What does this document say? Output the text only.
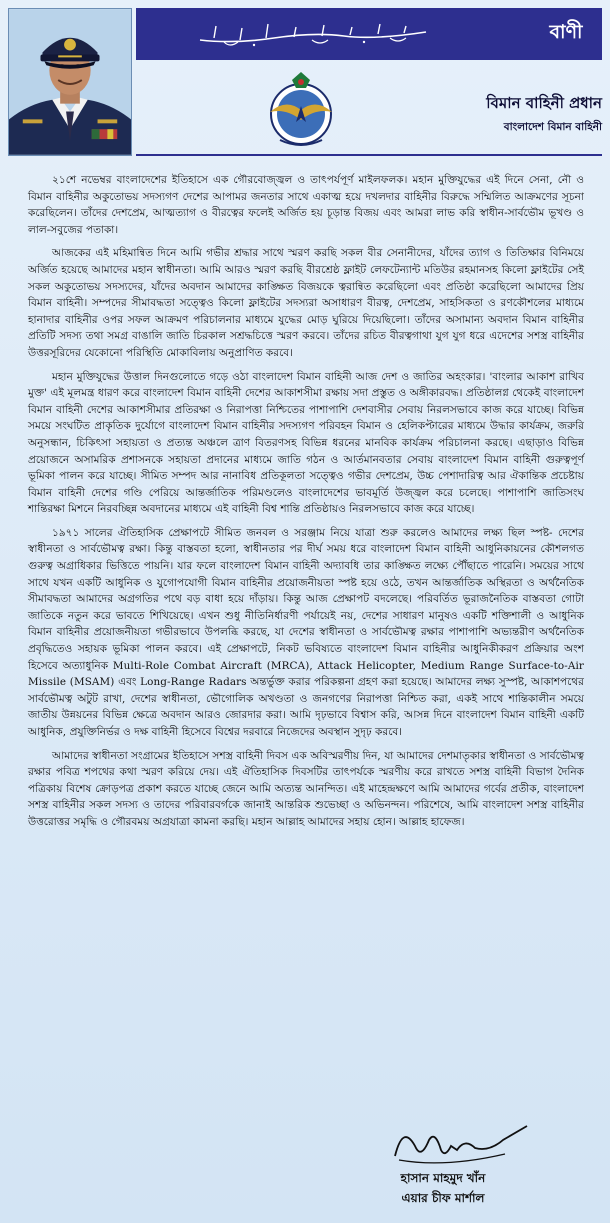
বাণী
বিমান বাহিনী প্রধান
বাংলাদেশ বিমান বাহিনী

২১শে নভেম্বর বাংলাদেশের ইতিহাসে এক গৌরবোজ্জ্বল ও তাৎপর্যপূর্ণ মাইলফলক। মহান মুক্তিযুদ্ধের এই দিনে সেনা, নৌ ও বিমান বাহিনীর অকুতোভয় সদস্যগণ দেশের আপামর জনতার সাথে একাত্ম হয়ে দখলদার বাহিনীর বিরুদ্ধে সম্মিলিত আক্রমণের সূচনা করেছিলেন। তাঁদের দেশপ্রেম, আত্মত্যাগ ও বীরত্বের ফলেই অর্জিত হয় চূড়ান্ত বিজয় এবং আমরা লাভ করি স্বাধীন-সার্বভৌম ভূখণ্ড ও লাল-সবুজের পতাকা।

আজকের এই মহিমান্বিত দিনে আমি গভীর শ্রদ্ধার সাথে স্মরণ করছি সকল বীর সেনানীদের, যাঁদের ত্যাগ ও তিতিক্ষার বিনিময়ে অর্জিত হয়েছে আমাদের মহান স্বাধীনতা। আমি আরও স্মরণ করছি বীরশ্রেষ্ঠ ফ্লাইট লেফটেন্যান্ট মতিউর রহমানসহ কিলো ফ্লাইটের সেই সকল অকুতোভয় সদস্যদের, যাঁদের অবদান আমাদের কাঙ্ক্ষিত বিজয়কে ত্বরান্বিত করেছিলো এবং প্রতিষ্ঠা করেছিলো আমাদের প্রিয় বিমান বাহিনী। সম্পদের সীমাবদ্ধতা সত্ত্বেও কিলো ফ্লাইটের সদস্যরা অসাধারণ বীরত্ব, দেশপ্রেম, সাহসিকতা ও রণকৌশলের মাধ্যমে হানাদার বাহিনীর ওপর সফল আক্রমণ পরিচালনার মাধ্যমে যুদ্ধের মোড় ঘুরিয়ে দিয়েছিলো। তাঁদের অসামান্য অবদান বিমান বাহিনীর প্রতিটি সদস্য তথা সমগ্র বাঙালি জাতি চিরকাল সশ্রদ্ধচিত্তে স্মরণ করবে। তাঁদের রচিত বীরত্বগাথা যুগ যুগ ধরে এদেশের সশস্ত্র বাহিনীর উত্তরসূরিদের যেকোনো পরিস্থিতি মোকাবিলায় অনুপ্রাণিত করবে।

মহান মুক্তিযুদ্ধের উত্তাল দিনগুলোতে গড়ে ওঠা বাংলাদেশ বিমান বাহিনী আজ দেশ ও জাতির অহংকার। 'বাংলার আকাশ রাখিব মুক্ত' এই মূলমন্ত্র ধারণ করে বাংলাদেশ বিমান বাহিনী দেশের আকাশসীমা রক্ষায় সদা প্রস্তুত ও অঙ্গীকারবদ্ধ। প্রতিষ্ঠালগ্ন থেকেই বাংলাদেশ বিমান বাহিনী দেশের আকাশসীমার প্রতিরক্ষা ও নিরাপত্তা নিশ্চিতের পাশাপাশি দেশবাসীর সেবায় নিরলসভাবে কাজ করে যাচ্ছে। বিভিন্ন সময়ে সংঘটিত প্রাকৃতিক দুর্যোগে বাংলাদেশ বিমান বাহিনীর সদস্যগণ পরিবহন বিমান ও হেলিকপ্টারের মাধ্যমে উদ্ধার কার্যক্রম, জরুরি অনুসন্ধান, চিকিৎসা সহায়তা ও প্রত্যন্ত অঞ্চলে ত্রাণ বিতরণসহ বিভিন্ন ধরনের মানবিক কার্যক্রম পরিচালনা করছে। এছাড়াও বিভিন্ন প্রয়োজনে অসামরিক প্রশাসনকে সহায়তা প্রদানের মাধ্যমে জাতি গঠন ও আর্তমানবতার সেবায় বাংলাদেশ বিমান বাহিনী গুরুত্বপূর্ণ ভূমিকা পালন করে যাচ্ছে। সীমিত সম্পদ আর নানাবিধ প্রতিকূলতা সত্ত্বেও গভীর দেশপ্রেম, উচ্চ পেশাদারিত্ব আর ঐকান্তিক প্রচেষ্টায় বিমান বাহিনী দেশের গণ্ডি পেরিয়ে আন্তর্জাতিক পরিমণ্ডলেও বাংলাদেশের ভাবমূর্তি উজ্জ্বল করে চলেছে। পাশাপাশি জাতিসংঘ শান্তিরক্ষা মিশনে নিরবচ্ছিন্ন অবদানের মাধ্যমে এই বাহিনী বিশ্ব শান্তি প্রতিষ্ঠায়ও নিরলসভাবে কাজ করে যাচ্ছে।

১৯৭১ সালের ঐতিহাসিক প্রেক্ষাপটে সীমিত জনবল ও সরঞ্জাম নিয়ে যাত্রা শুরু করলেও আমাদের লক্ষ্য ছিল স্পষ্ট- দেশের স্বাধীনতা ও সার্বভৌমত্ব রক্ষা। কিন্তু বাস্তবতা হলো, স্বাধীনতার পর দীর্ঘ সময় ধরে বাংলাদেশ বিমান বাহিনী আধুনিকায়নের কৌশলগত গুরুত্ব অগ্রাধিকার ভিত্তিতে পায়নি। যার ফলে বাংলাদেশ বিমান বাহিনী অদ্যাবধি তার কাঙ্ক্ষিত লক্ষ্যে পৌঁছাতে পারেনি। সময়ের সাথে সাথে যখন একটি আধুনিক ও যুগোপযোগী বিমান বাহিনীর প্রয়োজনীয়তা স্পষ্ট হয়ে ওঠে, তখন আন্তর্জাতিক অস্থিরতা ও অর্থনৈতিক সীমাবদ্ধতা আমাদের অগ্রগতির পথে বড় বাধা হয়ে দাঁড়ায়। কিন্তু আজ প্রেক্ষাপট বদলেছে। পরিবর্তিত ভূরাজনৈতিক বাস্তবতা গোটা জাতিকে নতুন করে ভাবতে শিখিয়েছে। এখন শুধু নীতিনির্ধারণী পর্যায়েই নয়, দেশের সাধারণ মানুষও একটি শক্তিশালী ও আধুনিক বিমান বাহিনীর প্রয়োজনীয়তা গভীরভাবে উপলব্ধি করছে, যা দেশের স্বাধীনতা ও সার্বভৌমত্ব রক্ষার পাশাপাশি অভ্যন্তরীণ অর্থনৈতিক প্রবৃদ্ধিতেও সহায়ক ভূমিকা পালন করবে। এই প্রেক্ষাপটে, নিকট ভবিষ্যতে বাংলাদেশ বিমান বাহিনীর আধুনিকীকরণ প্রক্রিয়ার অংশ হিসেবে অত্যাধুনিক Multi-Role Combat Aircraft (MRCA), Attack Helicopter, Medium Range Surface-to-Air Missile (MSAM) এবং Long-Range Radars অন্তর্ভুক্ত করার পরিকল্পনা গ্রহণ করা হয়েছে। আমাদের লক্ষ্য সুস্পষ্ট, আকাশপথের সার্বভৌমত্ব অটুট রাখা, দেশের স্বাধীনতা, ভৌগোলিক অখণ্ডতা ও জনগণের নিরাপত্তা নিশ্চিত করা, একই সাথে শান্তিকালীন সময়ে জাতীয় উন্নয়নের বিভিন্ন ক্ষেত্রে অবদান আরও জোরদার করা। আমি দৃঢ়ভাবে বিশ্বাস করি, আসন্ন দিনে বাংলাদেশ বিমান বাহিনী একটি আধুনিক, প্রযুক্তিনির্ভর ও দক্ষ বাহিনী হিসেবে বিশ্বের দরবারে নিজেদের অবস্থান সুদৃঢ় করবে।

আমাদের স্বাধীনতা সংগ্রামের ইতিহাসে সশস্ত্র বাহিনী দিবস এক অবিস্মরণীয় দিন, যা আমাদের দেশমাতৃকার স্বাধীনতা ও সার্বভৌমত্ব রক্ষার পবিত্র শপথের কথা স্মরণ করিয়ে দেয়। এই ঐতিহাসিক দিবসটির তাৎপর্যকে স্মরণীয় করে রাখতে সশস্ত্র বাহিনী বিভাগ দৈনিক পত্রিকায় বিশেষ ক্রোড়পত্র প্রকাশ করতে যাচ্ছে জেনে আমি অত্যন্ত আনন্দিত। এই মাহেন্দ্রক্ষণে আমি আমাদের গর্বের প্রতীক, বাংলাদেশ সশস্ত্র বাহিনীর সকল সদস্য ও তাদের পরিবারবর্গকে জানাই আন্তরিক শুভেচ্ছা ও অভিনন্দন। পরিশেষে, আমি বাংলাদেশ সশস্ত্র বাহিনীর উত্তরোত্তর সমৃদ্ধি ও গৌরবময় অগ্রযাত্রা কামনা করছি। মহান আল্লাহ আমাদের সহায় হোন। আল্লাহ হাফেজ।

হাসান মাহমুদ খাঁন
এয়ার চীফ মার্শাল
